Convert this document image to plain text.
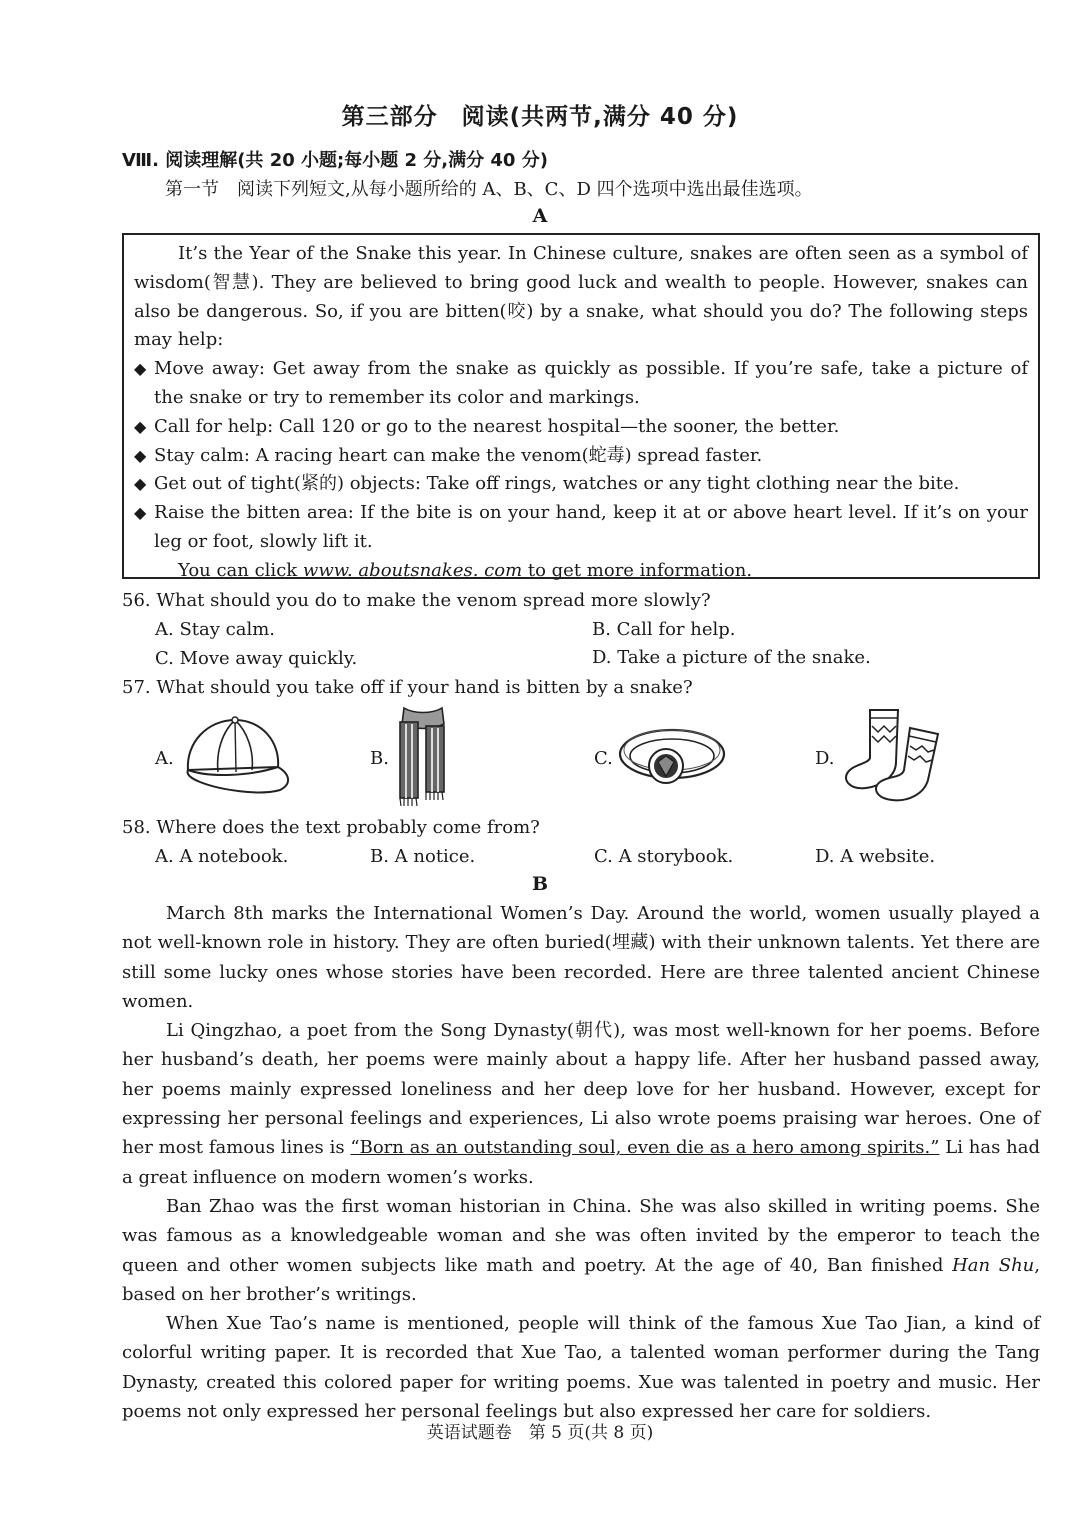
第三部分　阅读(共两节,满分 40 分)
Ⅷ. 阅读理解(共 20 小题;每小题 2 分,满分 40 分)
第一节　阅读下列短文,从每小题所给的 A、B、C、D 四个选项中选出最佳选项。
A

It’s the Year of the Snake this year. In Chinese culture, snakes are often seen as a symbol of wisdom(智慧). They are believed to bring good luck and wealth to people. However, snakes can also be dangerous. So, if you are bitten(咬) by a snake, what should you do? The following steps may help:

◆ Move away: Get away from the snake as quickly as possible. If you’re safe, take a picture of the snake or try to remember its color and markings.
◆ Call for help: Call 120 or go to the nearest hospital—the sooner, the better.
◆ Stay calm: A racing heart can make the venom(蛇毒) spread faster.
◆ Get out of tight(紧的) objects: Take off rings, watches or any tight clothing near the bite.
◆ Raise the bitten area: If the bite is on your hand, keep it at or above heart level. If it’s on your leg or foot, slowly lift it.

You can click www. aboutsnakes. com to get more information.

56. What should you do to make the venom spread more slowly?
A. Stay calm.	B. Call for help.
C. Move away quickly.	D. Take a picture of the snake.
57. What should you take off if your hand is bitten by a snake?
A.	B.	C.	D.
58. Where does the text probably come from?
A. A notebook.	B. A notice.	C. A storybook.	D. A website.
B

March 8th marks the International Women’s Day. Around the world, women usually played a not well-known role in history. They are often buried(埋藏) with their unknown talents. Yet there are still some lucky ones whose stories have been recorded. Here are three talented ancient Chinese women.

Li Qingzhao, a poet from the Song Dynasty(朝代), was most well-known for her poems. Before her husband’s death, her poems were mainly about a happy life. After her husband passed away, her poems mainly expressed loneliness and her deep love for her husband. However, except for expressing her personal feelings and experiences, Li also wrote poems praising war heroes. One of her most famous lines is “Born as an outstanding soul, even die as a hero among spirits.” Li has had a great influence on modern women’s works.

Ban Zhao was the first woman historian in China. She was also skilled in writing poems. She was famous as a knowledgeable woman and she was often invited by the emperor to teach the queen and other women subjects like math and poetry. At the age of 40, Ban finished Han Shu, based on her brother’s writings.

When Xue Tao’s name is mentioned, people will think of the famous Xue Tao Jian, a kind of colorful writing paper. It is recorded that Xue Tao, a talented woman performer during the Tang Dynasty, created this colored paper for writing poems. Xue was talented in poetry and music. Her poems not only expressed her personal feelings but also expressed her care for soldiers.

英语试题卷　第 5 页(共 8 页)
